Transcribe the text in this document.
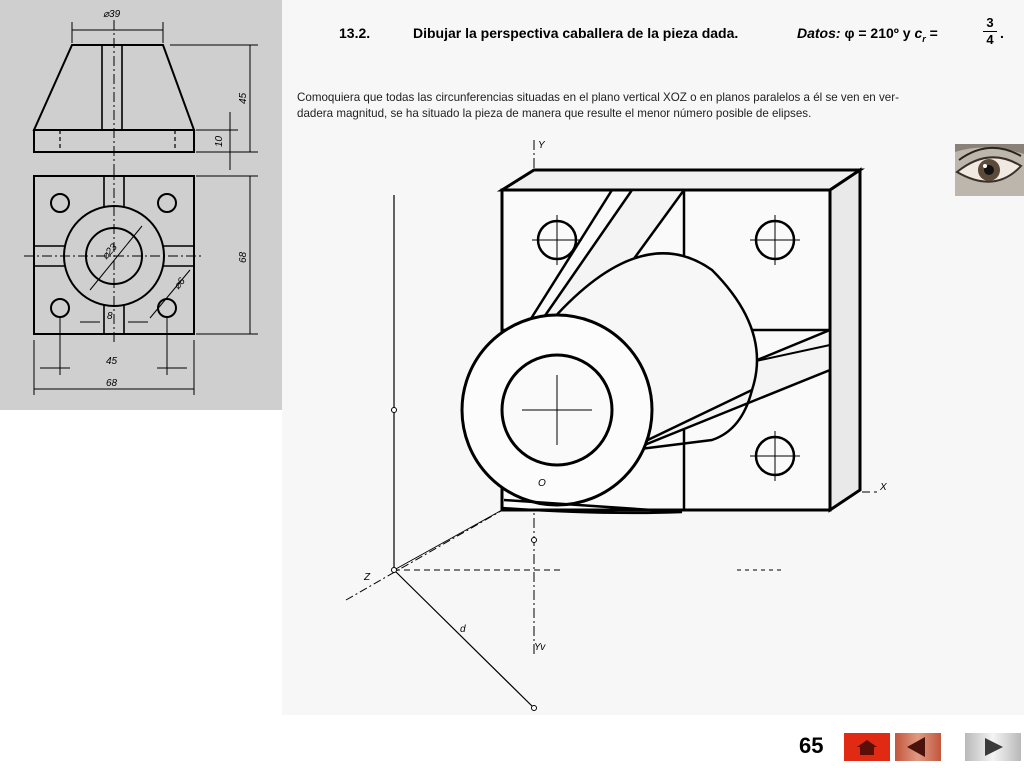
⌀39
45
10
⌀23
⌀6
8
68
45
68
13.2.	Dibujar la perspectiva caballera de la pieza dada.	Datos: φ = 210º y $c_r$ =	$\frac{3}{4}$ .

Comoquiera que todas las circunferencias situadas en el plano vertical XOZ o en planos paralelos a él se ven en ver-

dadera magnitud, se ha situado la pieza de manera que resulte el menor número posible de elipses.

Y
X
Z
O
Yv
d
65
